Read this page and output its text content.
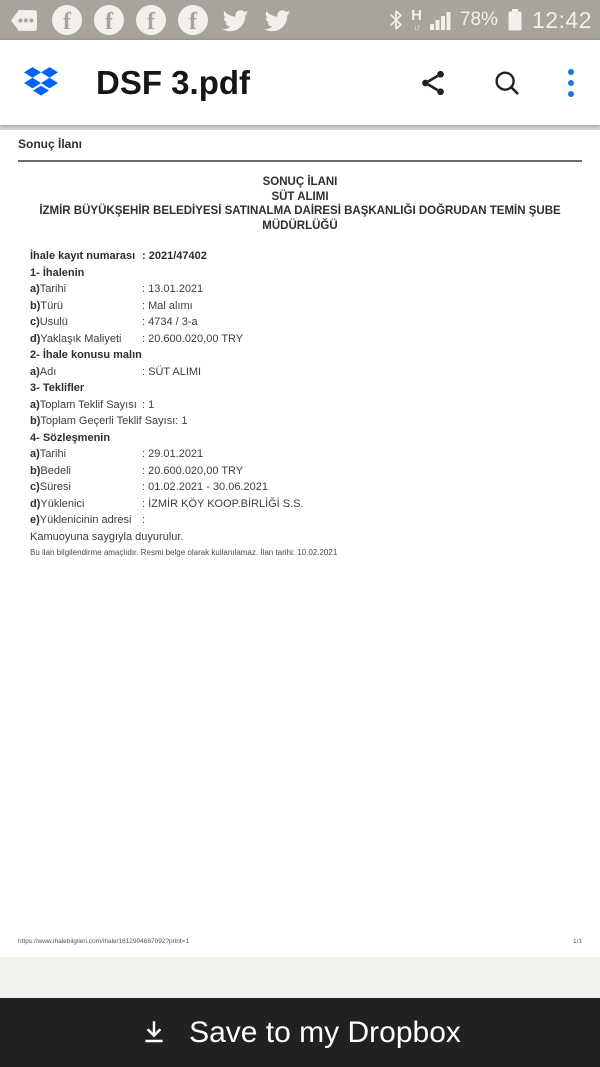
f f f f	H
↓↑ 78% 12:42
DSF 3.pdf
Sonuç İlanı
SONUÇ İLANI
SÜT ALIMI
İZMİR BÜYÜKŞEHİR BELEDİYESİ SATINALMA DAİRESİ BAŞKANLIĞI DOĞRUDAN TEMİN ŞUBE MÜDÜRLÜĞÜ
İhale kayıt numarası : 2021/47402
1- İhalenin
a) Tarihi	: 13.01.2021
b) Türü	: Mal alımı
c) Usulü	: 4734 / 3-a
d) Yaklaşık Maliyeti : 20.600.020,00 TRY
2- İhale konusu malın
a) Adı	: SÜT ALIMI
3- Teklifler
a) Toplam Teklif Sayısı : 1
b) Toplam Geçerli Teklif Sayısı : 1
4- Sözleşmenin
a) Tarihi	: 29.01.2021
b) Bedeli	: 20.600.020,00 TRY
c) Süresi	: 01.02.2021 - 30.06.2021
d) Yüklenici	: İZMİR KÖY KOOP.BİRLİĞİ S.S.
e) Yüklenicinin adresi :
Kamuoyuna saygıyla duyurulur.
Bu ilan bilgilendirme amaçlıdır. Resmi belge olarak kullanılamaz. İlan tarihi: 10.02.2021
https://www.ihalebilgileri.com/ihale/1612904687092?print=1	1/1
Save to my Dropbox
